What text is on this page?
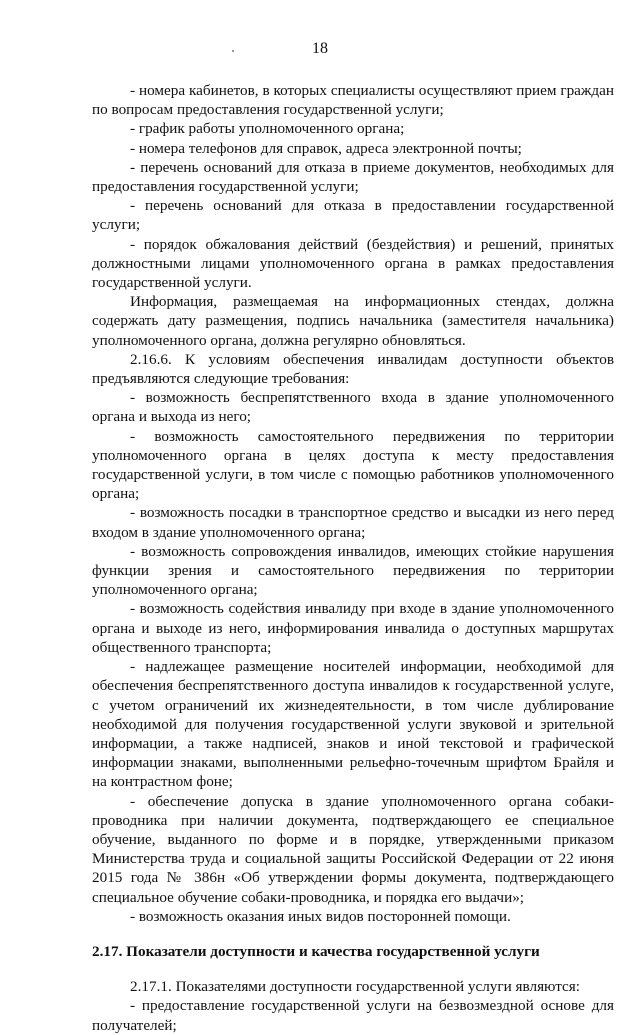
18

- номера кабинетов, в которых специалисты осуществляют прием граждан по вопросам предоставления государственной услуги;

- график работы уполномоченного органа;

- номера телефонов для справок, адреса электронной почты;

- перечень оснований для отказа в приеме документов, необходимых для предоставления государственной услуги;

- перечень оснований для отказа в предоставлении государственной услуги;

- порядок обжалования действий (бездействия) и решений, принятых должностными лицами уполномоченного органа в рамках предоставления государственной услуги.

Информация, размещаемая на информационных стендах, должна содержать дату размещения, подпись начальника (заместителя начальника) уполномоченного органа, должна регулярно обновляться.

2.16.6. К условиям обеспечения инвалидам доступности объектов предъявляются следующие требования:

- возможность беспрепятственного входа в здание уполномоченного органа и выхода из него;

- возможность самостоятельного передвижения по территории уполномоченного органа в целях доступа к месту предоставления государственной услуги, в том числе с помощью работников уполномоченного органа;

- возможность посадки в транспортное средство и высадки из него перед входом в здание уполномоченного органа;

- возможность сопровождения инвалидов, имеющих стойкие нарушения функции зрения и самостоятельного передвижения по территории уполномоченного органа;

- возможность содействия инвалиду при входе в здание уполномоченного органа и выходе из него, информирования инвалида о доступных маршрутах общественного транспорта;

- надлежащее размещение носителей информации, необходимой для обеспечения беспрепятственного доступа инвалидов к государственной услуге, с учетом ограничений их жизнедеятельности, в том числе дублирование необходимой для получения государственной услуги звуковой и зрительной информации, а также надписей, знаков и иной текстовой и графической информации знаками, выполненными рельефно-точечным шрифтом Брайля и на контрастном фоне;

- обеспечение допуска в здание уполномоченного органа собаки-проводника при наличии документа, подтверждающего ее специальное обучение, выданного по форме и в порядке, утвержденными приказом Министерства труда и социальной защиты Российской Федерации от 22 июня 2015 года № 386н «Об утверждении формы документа, подтверждающего специальное обучение собаки-проводника, и порядка его выдачи»;

- возможность оказания иных видов посторонней помощи.

2.17. Показатели доступности и качества государственной услуги

2.17.1. Показателями доступности государственной услуги являются:

- предоставление государственной услуги на безвозмездной основе для получателей;
